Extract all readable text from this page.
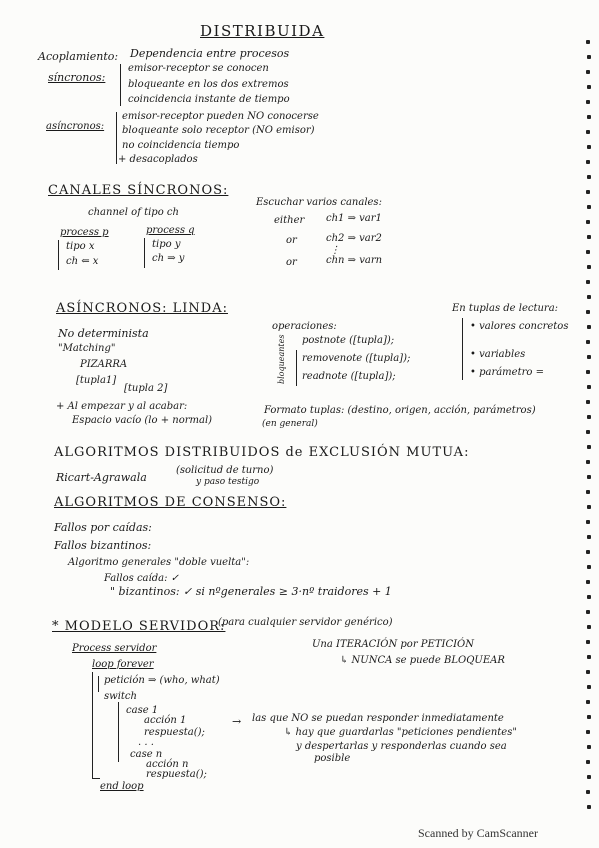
DISTRIBUIDA
Acoplamiento: Dependencia entre procesos
síncronos:
emisor-receptor se conocen
bloqueante en los dos extremos
coincidencia instante de tiempo
asíncronos:
emisor-receptor pueden NO conocerse
bloqueante solo receptor (NO emisor)
no coincidencia tiempo
+ desacoplados
CANALES SÍNCRONOS:
channel of tipo ch
process p
tipo x
ch ⇐ x
process q
tipo y
ch ⇒ y
Escuchar varios canales:
either ch1 ⇒ var1
or	ch2 ⇒ var2
⋮
or	chn ⇒ varn
ASÍNCRONOS: LINDA:
No determinista
"Matching"
PIZARRA
[tupla1]
[tupla 2]
operaciones:
postnote ([tupla]);
bloqueantes removenote ([tupla]);
readnote ([tupla]);
En tuplas de lectura:
• valores concretos
• variables
• parámetro =
+ Al empezar y al acabar:
Espacio vacío (lo + normal)
Formato tuplas: (destino, origen, acción, parámetros)
(en general)
ALGORITMOS DISTRIBUIDOS de EXCLUSIÓN MUTUA:
Ricart-Agrawala
(solicitud de turno)
y paso testigo
ALGORITMOS DE CONSENSO:
Fallos por caídas:
Fallos bizantinos:
Algoritmo generales "doble vuelta":
Fallos caída: ✓
" bizantinos: ✓ si nºgenerales ≥ 3·nº traidores + 1
* MODELO SERVIDOR:
(para cualquier servidor genérico)
Process servidor
loop forever
petición ⇒ (who, what)
switch
case 1
acción 1
respuesta();
. . .
case n
acción n
respuesta();
end loop
Una ITERACIÓN por PETICIÓN
↳ NUNCA se puede BLOQUEAR
→ las que NO se puedan responder inmediatamente
↳ hay que guardarlas "peticiones pendientes"
y despertarlas y responderlas cuando sea
posible
Scanned by CamScanner
